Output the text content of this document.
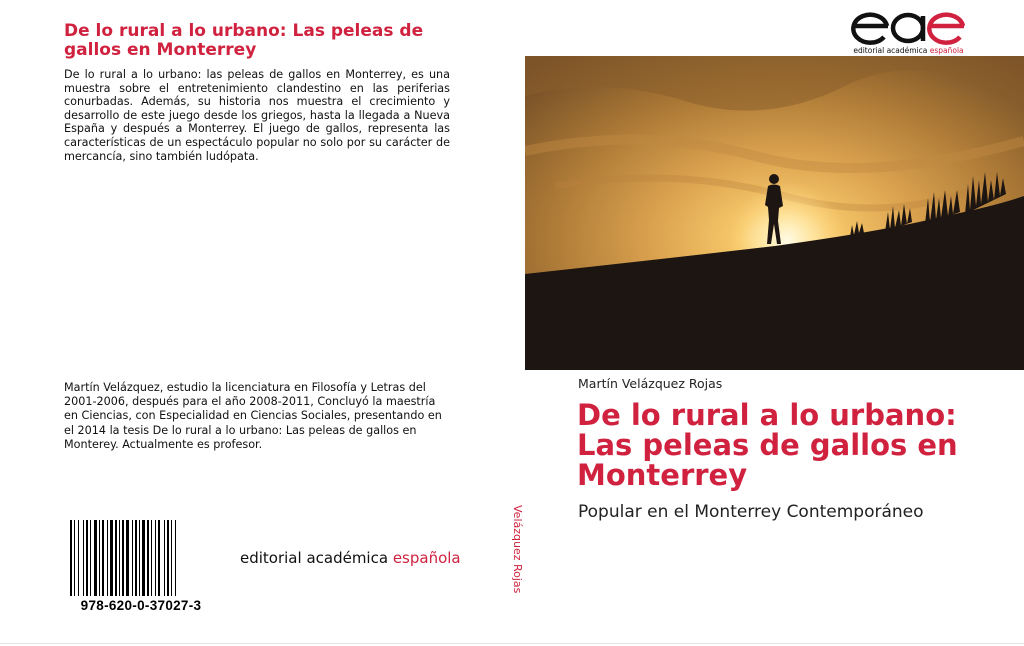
De lo rural a lo urbano: Las peleas de gallos en Monterrey
De lo rural a lo urbano: las peleas de gallos en Monterrey, es una muestra sobre el entretenimiento clandestino en las periferias conurbadas. Además, su historia nos muestra el crecimiento y desarrollo de este juego desde los griegos, hasta la llegada a Nueva España y después a Monterrey. El juego de gallos, representa las características de un espectáculo popular no solo por su carácter de mercancía, sino también ludópata.
Martín Velázquez, estudio la licenciatura en Filosofía y Letras del 2001-2006, después para el año 2008-2011, Concluyó la maestría en Ciencias, con Especialidad en Ciencias Sociales, presentando en el 2014 la tesis De lo rural a lo urbano: Las peleas de gallos en Monterey. Actualmente es profesor.
978-620-0-37027-3
editorial académica española	Velázquez Rojas
editorial académica española
Martín Velázquez Rojas
De lo rural a lo urbano: Las peleas de gallos en Monterrey
Popular en el Monterrey Contemporáneo
